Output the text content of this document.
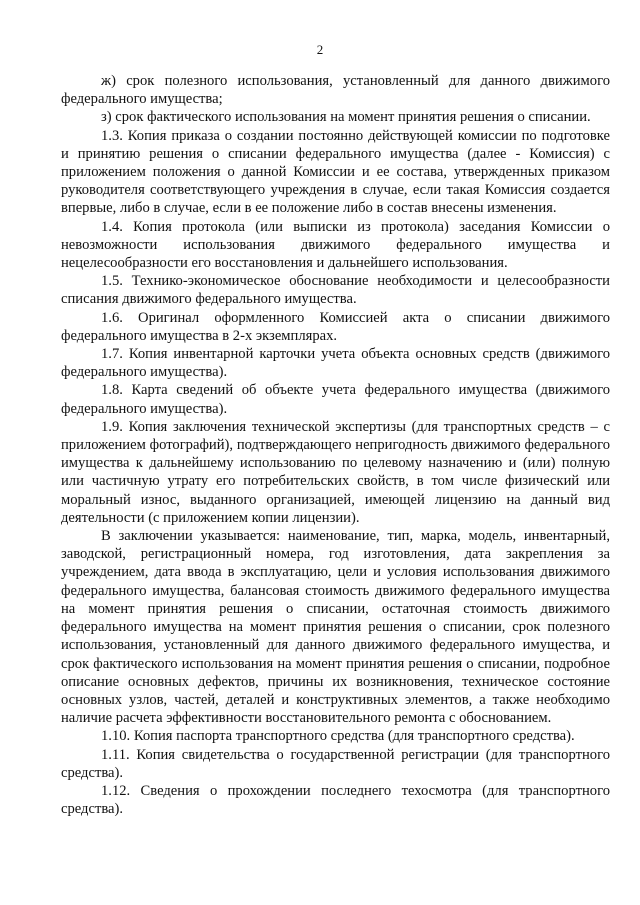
2

ж) срок полезного использования, установленный для данного движимого федерального имущества;

з) срок фактического использования на момент принятия решения о списании.

1.3. Копия приказа о создании постоянно действующей комиссии по подготовке и принятию решения о списании федерального имущества (далее - Комиссия) с приложением положения о данной Комиссии и ее состава, утвержденных приказом руководителя соответствующего учреждения в случае, если такая Комиссия создается впервые, либо в случае, если в ее положение либо в состав внесены изменения.

1.4. Копия протокола (или выписки из протокола) заседания Комиссии о невозможности использования движимого федерального имущества и нецелесообразности его восстановления и дальнейшего использования.

1.5. Технико-экономическое обоснование необходимости и целесообразности списания движимого федерального имущества.

1.6. Оригинал оформленного Комиссией акта о списании движимого федерального имущества в 2-х экземплярах.

1.7. Копия инвентарной карточки учета объекта основных средств (движимого федерального имущества).

1.8. Карта сведений об объекте учета федерального имущества (движимого федерального имущества).

1.9. Копия заключения технической экспертизы (для транспортных средств – с приложением фотографий), подтверждающего непригодность движимого федерального имущества к дальнейшему использованию по целевому назначению и (или) полную или частичную утрату его потребительских свойств, в том числе физический или моральный износ, выданного организацией, имеющей лицензию на данный вид деятельности (с приложением копии лицензии).

В заключении указывается: наименование, тип, марка, модель, инвентарный, заводской, регистрационный номера, год изготовления, дата закрепления за учреждением, дата ввода в эксплуатацию, цели и условия использования движимого федерального имущества, балансовая стоимость движимого федерального имущества на момент принятия решения о списании, остаточная стоимость движимого федерального имущества на момент принятия решения о списании, срок полезного использования, установленный для данного движимого федерального имущества, и срок фактического использования на момент принятия решения о списании, подробное описание основных дефектов, причины их возникновения, техническое состояние основных узлов, частей, деталей и конструктивных элементов, а также необходимо наличие расчета эффективности восстановительного ремонта с обоснованием.

1.10. Копия паспорта транспортного средства (для транспортного средства).

1.11. Копия свидетельства о государственной регистрации (для транспортного средства).

1.12. Сведения о прохождении последнего техосмотра (для транспортного средства).
